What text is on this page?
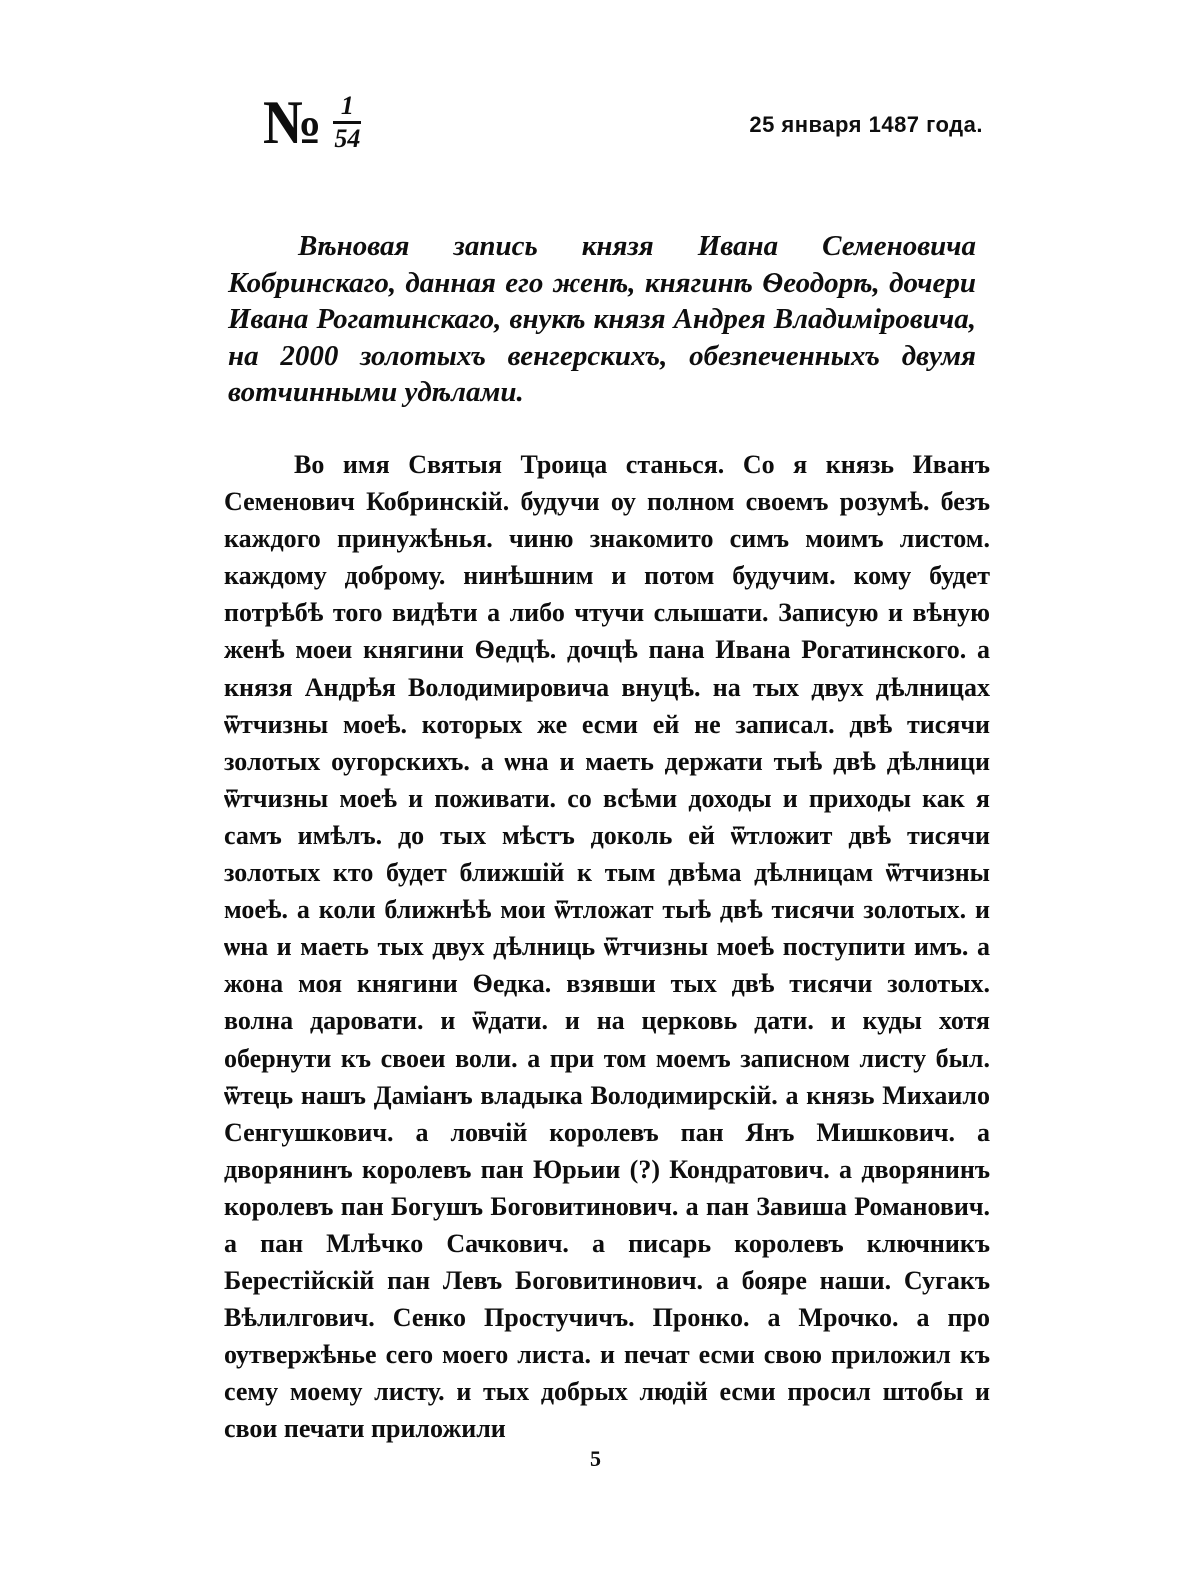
№ $\frac{1}{54}$	25 января 1487 года.

Вѣновая запись князя Ивана Семеновича Кобринскаго, данная его женѣ, княгинѣ Ѳеодорѣ, дочери Ивана Рогатинскаго, внукѣ князя Андрея Владиміровича, на 2000 золотыхъ венгерскихъ, обезпеченныхъ двумя вотчинными удѣлами.

Во имя Святыя Троица станься. Со я князь Иванъ Семенович Кобринскій. будучи оу полном своемъ розумѣ. безъ каждого принужѣнья. чиню знакомито симъ моимъ листом. каждому доброму. нинѣшним и потом будучим. кому будет потрѣбѣ того видѣти а либо чтучи слышати. Записую и вѣную женѣ моеи княгини Ѳедцѣ. дочцѣ пана Ивана Рогатинского. а князя Андрѣя Володимировича внуцѣ. на тых двух дѣлницах ѿтчизны моеѣ. которых же есми ей не записал. двѣ тисячи золотых оугорскихъ. а ѡна и маеть держати тыѣ двѣ дѣлници ѿтчизны моеѣ и поживати. со всѣми доходы и приходы как я самъ имѣлъ. до тых мѣстъ доколь ей ѿтложит двѣ тисячи золотых кто будет ближшій к тым двѣма дѣлницам ѿтчизны моеѣ. а коли ближнѣѣ мои ѿтложат тыѣ двѣ тисячи золотых. и ѡна и маеть тых двух дѣлниць ѿтчизны моеѣ поступити имъ. а жона моя княгини Ѳедка. взявши тых двѣ тисячи золотых. волна даровати. и ѿдати. и на церковь дати. и куды хотя обернути къ своеи воли. а при том моемъ записном листу был. ѿтець нашъ Даміанъ владыка Володимирскій. а князь Михаило Сенгушкович. а ловчій королевъ пан Янъ Мишкович. а дворянинъ королевъ пан Юрьии (?) Кондратович. а дворянинъ королевъ пан Богушъ Боговитинович. а пан Завиша Романович. а пан Млѣчко Сачкович. а писарь королевъ ключникъ Берестійскій пан Левъ Боговитинович. а бояре наши. Сугакъ Вѣлилгович. Сенко Простучичъ. Пронко. а Мрочко. а про оутвержѣнье сего моего листа. и печат есми свою приложил къ сему моему листу. и тых добрых людій есми просил штобы и свои печати приложили

5
